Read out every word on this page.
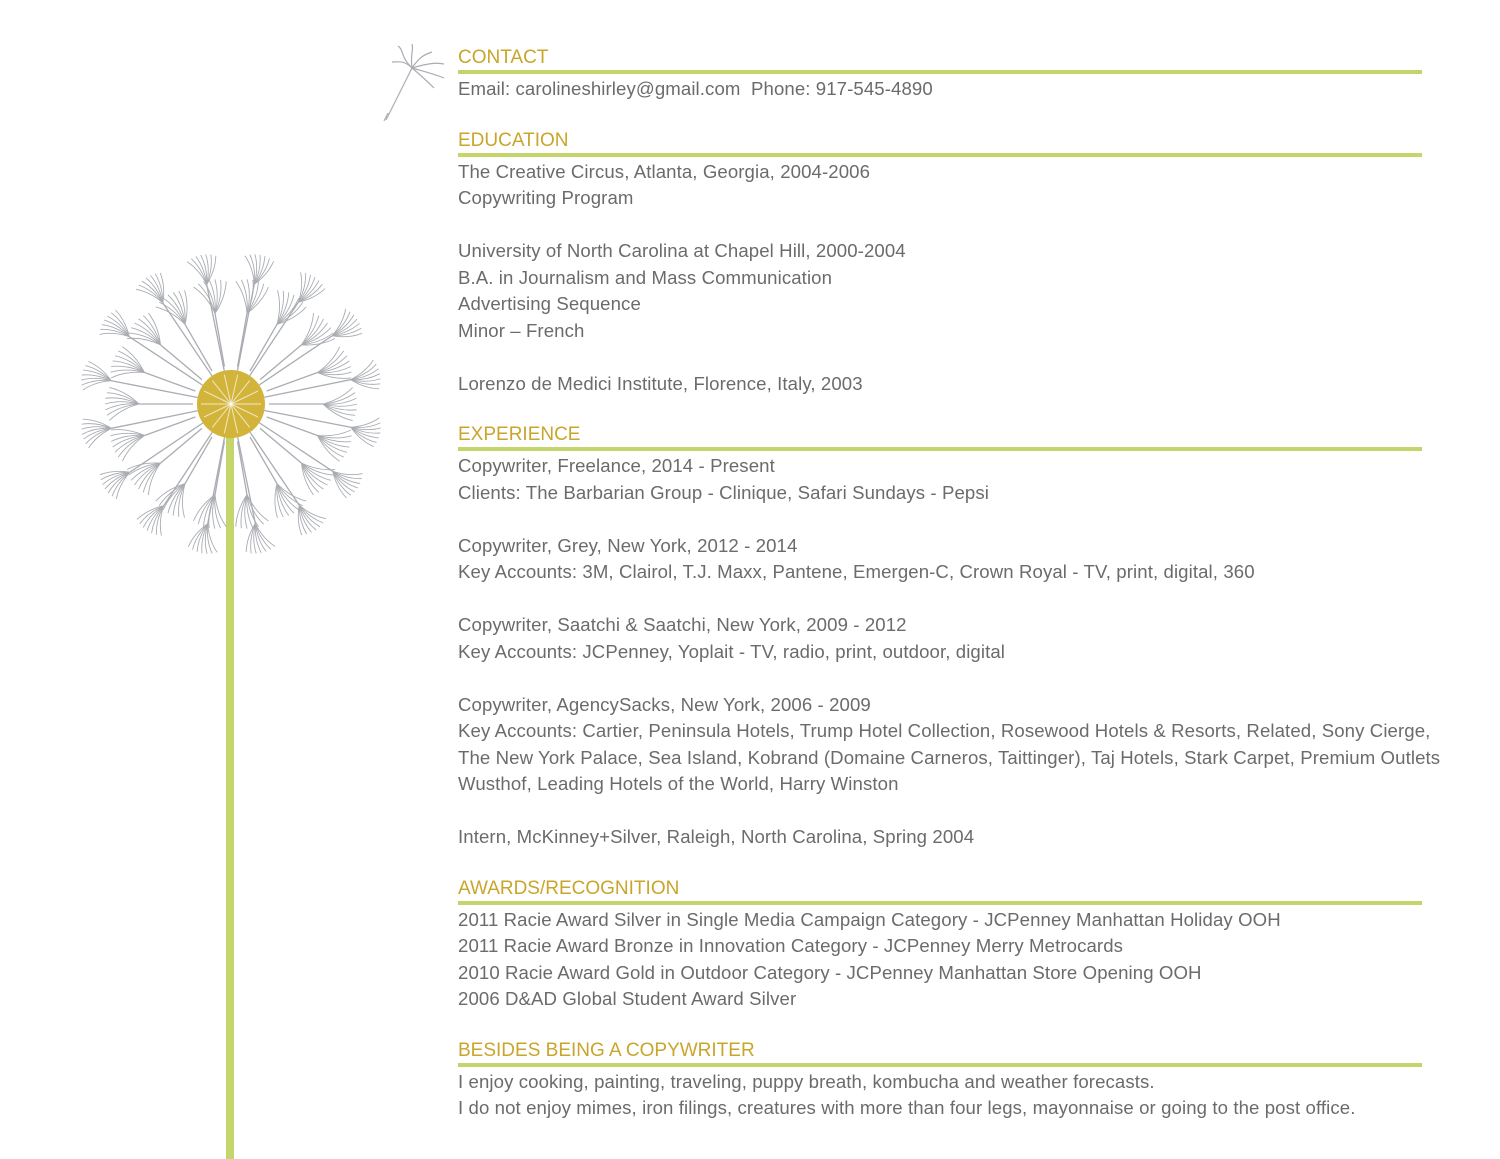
CONTACT
Email: carolineshirley@gmail.com  Phone: 917-545-4890
EDUCATION
The Creative Circus, Atlanta, Georgia, 2004-2006
Copywriting Program
University of North Carolina at Chapel Hill, 2000-2004
B.A. in Journalism and Mass Communication
Advertising Sequence
Minor – French
Lorenzo de Medici Institute, Florence, Italy, 2003
EXPERIENCE
Copywriter, Freelance, 2014 - Present
Clients: The Barbarian Group - Clinique, Safari Sundays - Pepsi
Copywriter, Grey, New York, 2012 - 2014
Key Accounts: 3M, Clairol, T.J. Maxx, Pantene, Emergen-C, Crown Royal - TV, print, digital, 360
Copywriter, Saatchi & Saatchi, New York, 2009 - 2012
Key Accounts: JCPenney, Yoplait - TV, radio, print, outdoor, digital
Copywriter, AgencySacks, New York, 2006 - 2009
Key Accounts: Cartier, Peninsula Hotels, Trump Hotel Collection, Rosewood Hotels & Resorts, Related, Sony Cierge,
The New York Palace, Sea Island, Kobrand (Domaine Carneros, Taittinger), Taj Hotels, Stark Carpet, Premium Outlets
Wusthof, Leading Hotels of the World, Harry Winston
Intern, McKinney+Silver, Raleigh, North Carolina, Spring 2004
AWARDS/RECOGNITION
2011 Racie Award Silver in Single Media Campaign Category - JCPenney Manhattan Holiday OOH
2011 Racie Award Bronze in Innovation Category - JCPenney Merry Metrocards
2010 Racie Award Gold in Outdoor Category - JCPenney Manhattan Store Opening OOH
2006 D&AD Global Student Award Silver
BESIDES BEING A COPYWRITER
I enjoy cooking, painting, traveling, puppy breath, kombucha and weather forecasts.
I do not enjoy mimes, iron filings, creatures with more than four legs, mayonnaise or going to the post office.
